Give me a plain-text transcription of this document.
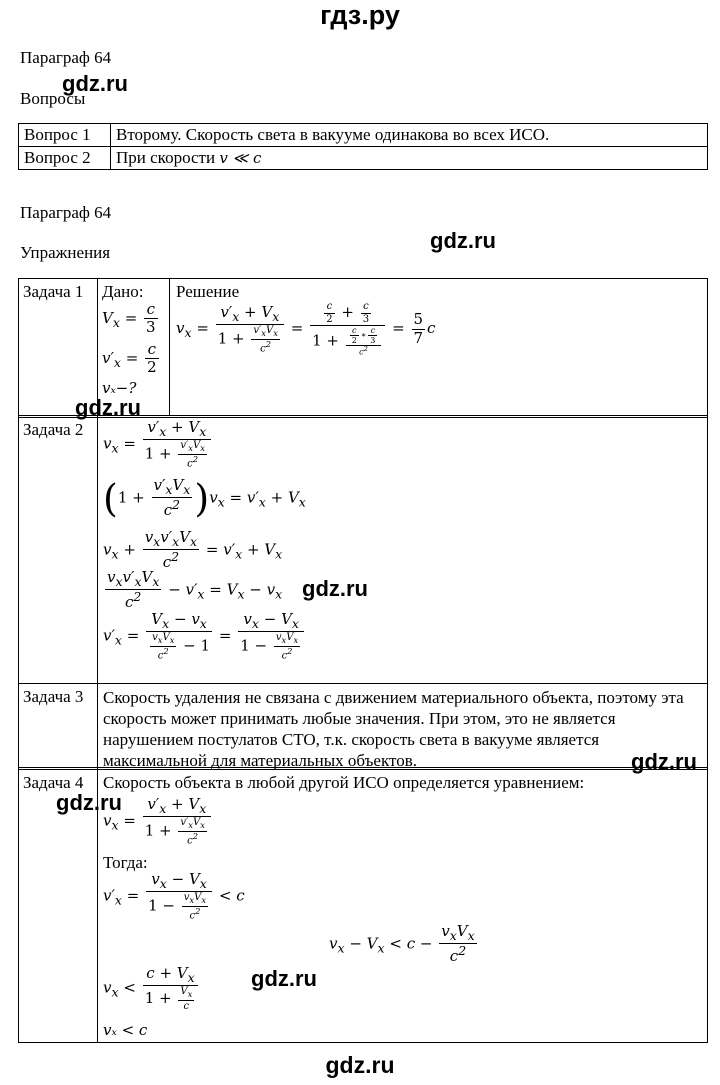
гдз.ру
Параграф 64
Вопросы
gdz.ru
Вопрос 1	Второму. Скорость света в вакууме одинакова во всех ИСО.
Вопрос 2	При скорости v ≪ c
Параграф 64
Упражнения	gdz.ru
Задача 1 Дано:
$V_x = \frac{c}{3}$
$v'_x = \frac{c}{2}$
vₓ−?
Решение
$v_x = \frac{v'_x + V_x}{1 + \frac{v'_xV_x}{c^2}} = \frac{\frac{c}{2} + \frac{c}{3}}{1 + \frac{\frac{c}{2} ∗ \frac{c}{3}}{c^2}} = \frac{5}{7}$ c
gdz.ru
Задача 2
$v_x = \frac{v'_x + V_x}{1 + \frac{v'_xV_x}{c^2}}$
$(1 + \frac{v'_xV_x}{c^2} )v_x = v'_x + V_x$
$v_x + \frac{v_xv'_xV_x}{c^2} = v'_x + V_x$
$\frac{v_xv'_xV_x}{c^2} - v'_x = V_x - v_x$
$v'_x = \frac{V_x - v_x}{\frac{v_xV_x}{c^2} - 1} = \frac{v_x - V_x}{1 - \frac{v_xV_x}{c^2}}$
gdz.ru
Задача 3 Скорость удаления не связана с движением материального объекта, поэтому эта скорость может принимать любые значения. При этом, это не является нарушением постулатов СТО, т.к. скорость света в вакууме является максимальной для материальных объектов.	gdz.ru
Задача 4 Скорость объекта в любой другой ИСО определяется уравнением:
gdz.ru
$v_x = \frac{v'_x + V_x}{1 + \frac{v'_xV_x}{c^2}}$
Тогда:
$v'_x = \frac{v_x - V_x}{1 - \frac{v_xV_x}{c^2}} < c$
$v_x - V_x < c - \frac{v_xV_x}{c^2}$
$v_x < \frac{c + V_x}{1 + \frac{V_x}{c}} gdz.ru$
vₓ < c
gdz.ru
